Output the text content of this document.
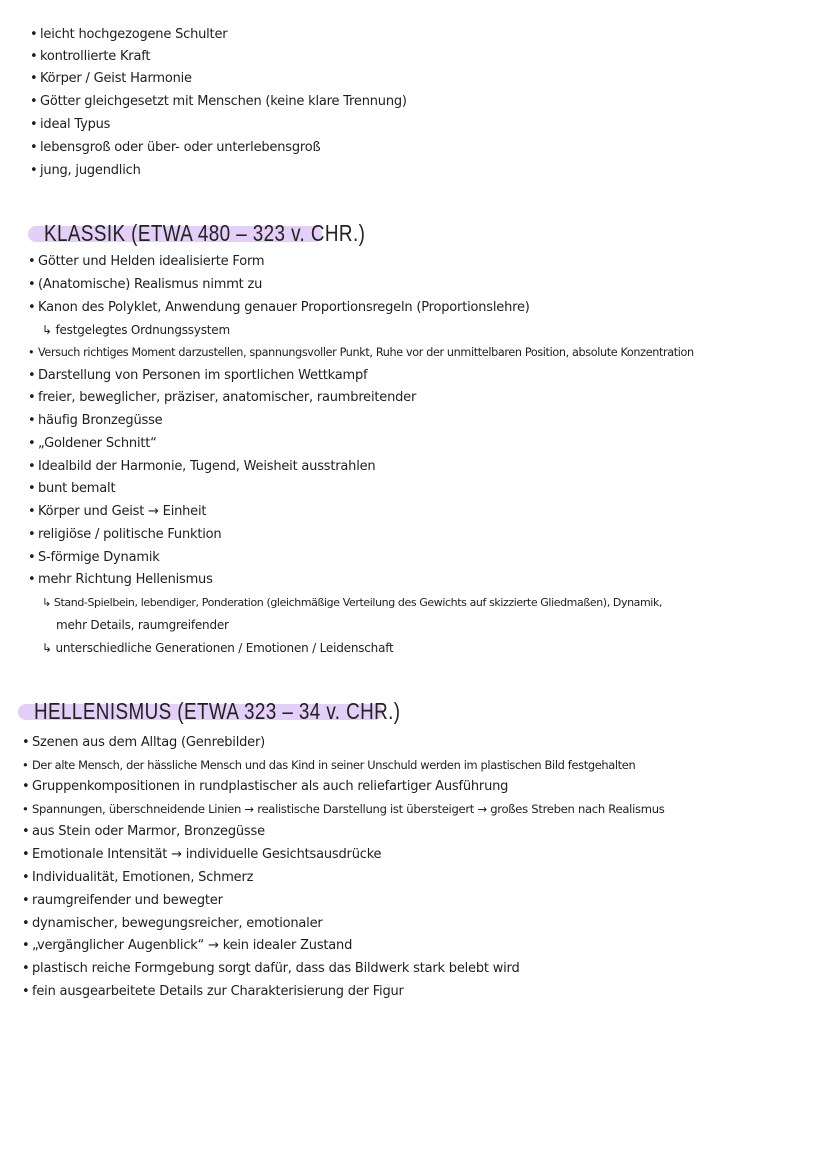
• leicht hochgezogene Schulter
• kontrollierte Kraft
• Körper / Geist Harmonie
• Götter gleichgesetzt mit Menschen (keine klare Trennung)
• ideal Typus
• lebensgroß oder über- oder unterlebensgroß
• jung, jugendlich
KLASSIK (ETWA 480 – 323 v. CHR.)
• Götter und Helden idealisierte Form
• (Anatomische) Realismus nimmt zu
• Kanon des Polyklet, Anwendung genauer Proportionsregeln (Proportionslehre)
↳ festgelegtes Ordnungssystem
• Versuch richtiges Moment darzustellen, spannungsvoller Punkt, Ruhe vor der unmittelbaren Position, absolute Konzentration
• Darstellung von Personen im sportlichen Wettkampf
• freier, beweglicher, präziser, anatomischer, raumbreitender
• häufig Bronzegüsse
• „Goldener Schnitt“
• Idealbild der Harmonie, Tugend, Weisheit ausstrahlen
• bunt bemalt
• Körper und Geist → Einheit
• religiöse / politische Funktion
• S-förmige Dynamik
• mehr Richtung Hellenismus
↳ Stand-Spielbein, lebendiger, Ponderation (gleichmäßige Verteilung des Gewichts auf skizzierte Gliedmaßen), Dynamik,
mehr Details, raumgreifender
↳ unterschiedliche Generationen / Emotionen / Leidenschaft
HELLENISMUS (ETWA 323 – 34 v. CHR.)
• Szenen aus dem Alltag (Genrebilder)
• Der alte Mensch, der hässliche Mensch und das Kind in seiner Unschuld werden im plastischen Bild festgehalten
• Gruppenkompositionen in rundplastischer als auch reliefartiger Ausführung
• Spannungen, überschneidende Linien → realistische Darstellung ist übersteigert → großes Streben nach Realismus
• aus Stein oder Marmor, Bronzegüsse
• Emotionale Intensität → individuelle Gesichtsausdrücke
• Individualität, Emotionen, Schmerz
• raumgreifender und bewegter
• dynamischer, bewegungsreicher, emotionaler
• „vergänglicher Augenblick“ → kein idealer Zustand
• plastisch reiche Formgebung sorgt dafür, dass das Bildwerk stark belebt wird
• fein ausgearbeitete Details zur Charakterisierung der Figur
